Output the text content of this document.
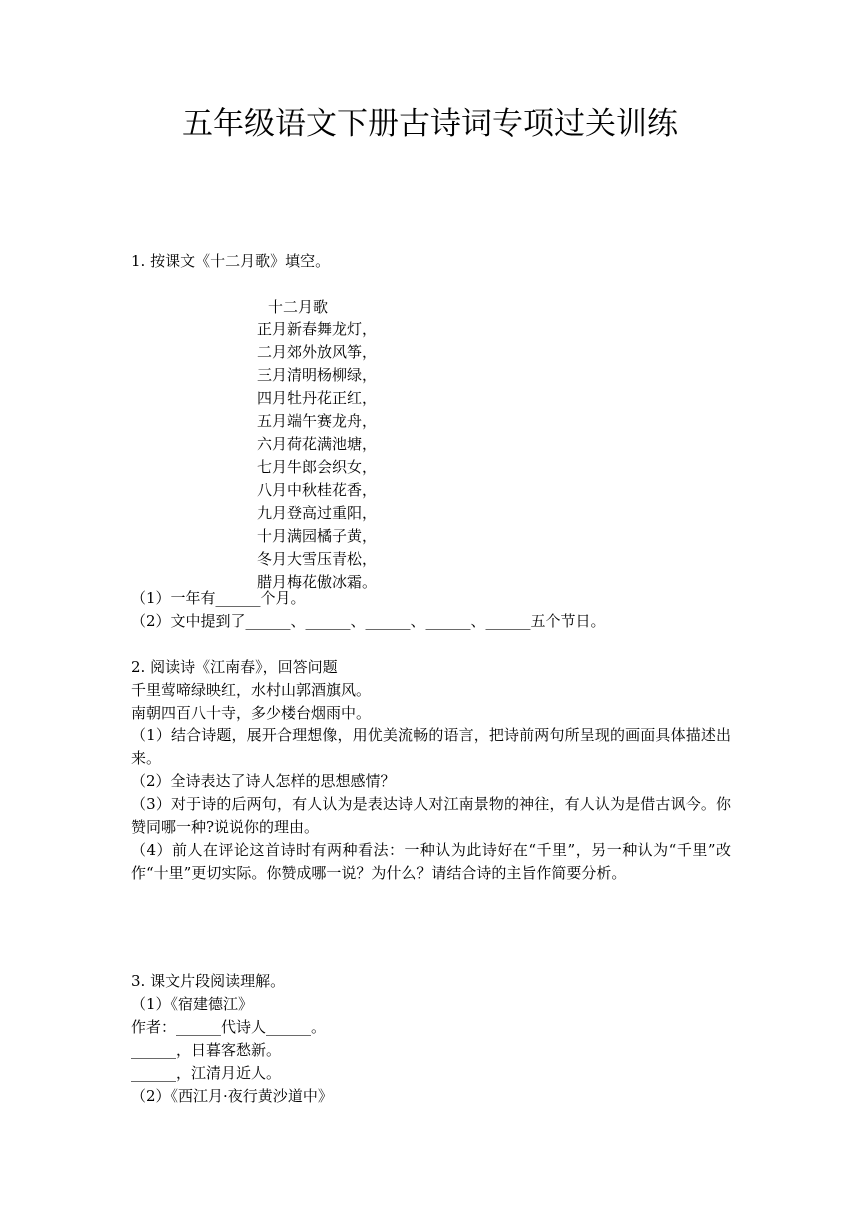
五年级语文下册古诗词专项过关训练
1. 按课文《十二月歌》填空。
十二月歌
正月新春舞龙灯，
二月郊外放风筝，
三月清明杨柳绿，
四月牡丹花正红，
五月端午赛龙舟，
六月荷花满池塘，
七月牛郎会织女，
八月中秋桂花香，
九月登高过重阳，
十月满园橘子黄，
冬月大雪压青松，
腊月梅花傲冰霜。
（1）一年有______个月。
（2）文中提到了______、______、______、______、______五个节日。
2. 阅读诗《江南春》，回答问题
千里莺啼绿映红，水村山郭酒旗风。
南朝四百八十寺，多少楼台烟雨中。
（1）结合诗题，展开合理想像，用优美流畅的语言，把诗前两句所呈现的画面具体描述出来。
（2）全诗表达了诗人怎样的思想感情？
（3）对于诗的后两句，有人认为是表达诗人对江南景物的神往，有人认为是借古讽今。你赞同哪一种?说说你的理由。
（4）前人在评论这首诗时有两种看法：一种认为此诗好在“千里”，另一种认为“千里”改作“十里”更切实际。你赞成哪一说？为什么？请结合诗的主旨作简要分析。
3. 课文片段阅读理解。
（1）《宿建德江》
作者：______代诗人______。
______，日暮客愁新。
______，江清月近人。
（2）《西江月·夜行黄沙道中》
